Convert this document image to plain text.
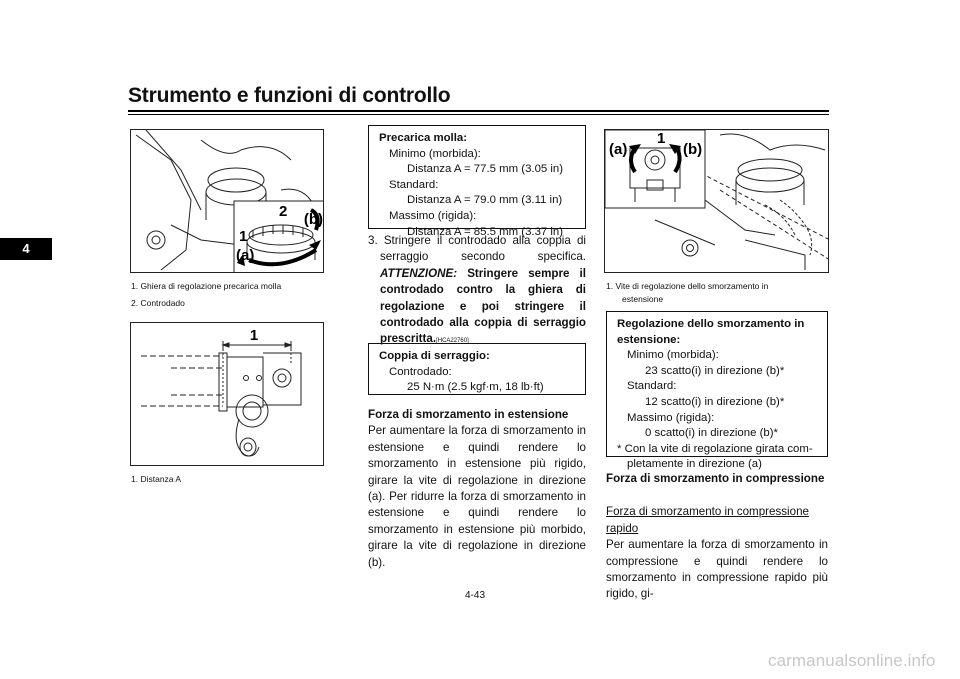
Strumento e funzioni di controllo
4
2 (b)
1
(a)
1. Ghiera di regolazione precarica molla
2. Controdado
1
1. Distanza A
Precarica molla:
Minimo (morbida):
Distanza A = 77.5 mm (3.05 in)
Standard:
Distanza A = 79.0 mm (3.11 in)
Massimo (rigida):
Distanza A = 85.5 mm (3.37 in)
3. Stringere il controdado alla coppia di serraggio secondo specifica. ATTENZIONE: Stringere sempre il controdado contro la ghiera di regolazione e poi stringere il controdado alla coppia di serraggio prescritta.[HCA22760]
Coppia di serraggio:
Controdado:
25 N·m (2.5 kgf·m, 18 lb·ft)
Forza di smorzamento in estensione
Per aumentare la forza di smorzamento in estensione e quindi rendere lo smorzamento in estensione più rigido, girare la vite di regolazione in direzione (a). Per ridurre la forza di smorzamento in estensione e quindi rendere lo smorzamento in estensione più morbido, girare la vite di regolazione in direzione (b).
(a)
1
(b)
1. Vite di regolazione dello smorzamento in
estensione
Regolazione dello smorzamento in estensione:
Minimo (morbida):
23 scatto(i) in direzione (b)*
Standard:
12 scatto(i) in direzione (b)*
Massimo (rigida):
0 scatto(i) in direzione (b)*
* Con la vite di regolazione girata com-
pletamente in direzione (a)
Forza di smorzamento in compressione
Forza di smorzamento in compressione rapido
Per aumentare la forza di smorzamento in compressione e quindi rendere lo smorzamento in compressione rapido più rigido, gi-
4-43
carmanualsonline.info
